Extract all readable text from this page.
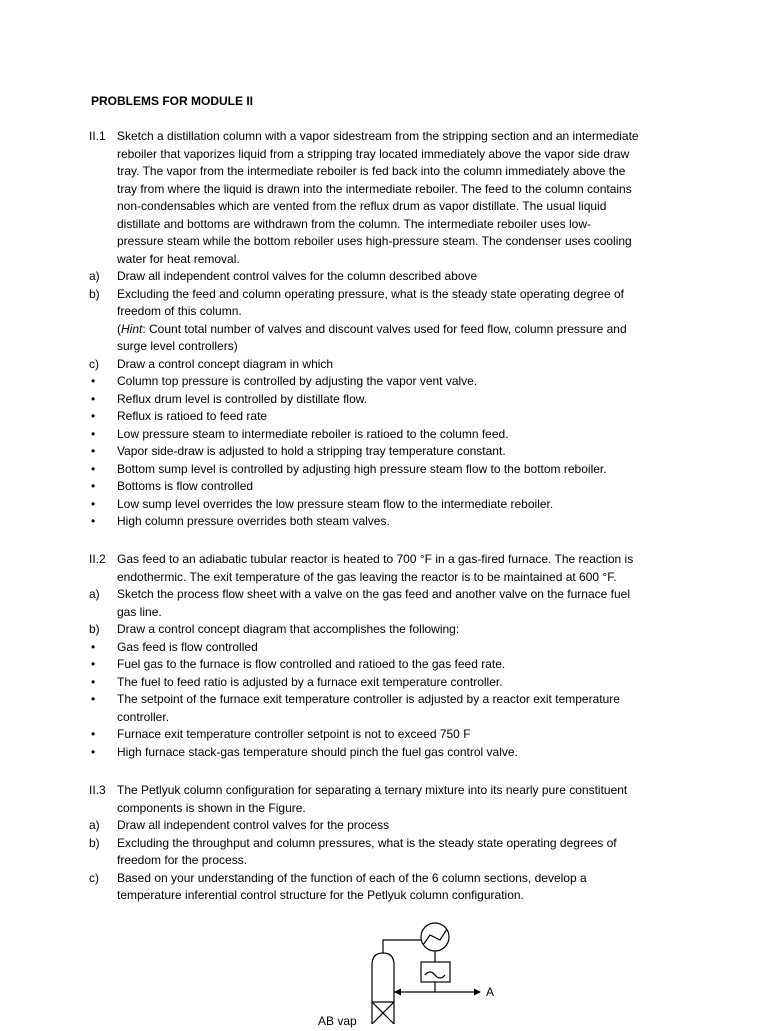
PROBLEMS FOR MODULE II
II.1 Sketch a distillation column with a vapor sidestream from the stripping section and an intermediate
reboiler that vaporizes liquid from a stripping tray located immediately above the vapor side draw
tray. The vapor from the intermediate reboiler is fed back into the column immediately above the
tray from where the liquid is drawn into the intermediate reboiler. The feed to the column contains
non-condensables which are vented from the reflux drum as vapor distillate. The usual liquid
distillate and bottoms are withdrawn from the column. The intermediate reboiler uses low-
pressure steam while the bottom reboiler uses high-pressure steam. The condenser uses cooling
water for heat removal.
a)	Draw all independent control valves for the column described above
b)	Excluding the feed and column operating pressure, what is the steady state operating degree of
freedom of this column.
(Hint: Count total number of valves and discount valves used for feed flow, column pressure and
surge level controllers)
c)	Draw a control concept diagram in which
•	Column top pressure is controlled by adjusting the vapor vent valve.
•	Reflux drum level is controlled by distillate flow.
•	Reflux is ratioed to feed rate
•	Low pressure steam to intermediate reboiler is ratioed to the column feed.
•	Vapor side-draw is adjusted to hold a stripping tray temperature constant.
•	Bottom sump level is controlled by adjusting high pressure steam flow to the bottom reboiler.
•	Bottoms is flow controlled
•	Low sump level overrides the low pressure steam flow to the intermediate reboiler.
•	High column pressure overrides both steam valves.
II.2 Gas feed to an adiabatic tubular reactor is heated to 700 °F in a gas-fired furnace. The reaction is
endothermic. The exit temperature of the gas leaving the reactor is to be maintained at 600 °F.
a)	Sketch the process flow sheet with a valve on the gas feed and another valve on the furnace fuel
gas line.
b)	Draw a control concept diagram that accomplishes the following:
•	Gas feed is flow controlled
•	Fuel gas to the furnace is flow controlled and ratioed to the gas feed rate.
•	The fuel to feed ratio is adjusted by a furnace exit temperature controller.
•	The setpoint of the furnace exit temperature controller is adjusted by a reactor exit temperature
controller.
•	Furnace exit temperature controller setpoint is not to exceed 750 F
•	High furnace stack-gas temperature should pinch the fuel gas control valve.
II.3 The Petlyuk column configuration for separating a ternary mixture into its nearly pure constituent
components is shown in the Figure.
a)	Draw all independent control valves for the process
b)	Excluding the throughput and column pressures, what is the steady state operating degrees of
freedom for the process.
c)	Based on your understanding of the function of each of the 6 column sections, develop a
temperature inferential control structure for the Petlyuk column configuration.
A
AB vap
